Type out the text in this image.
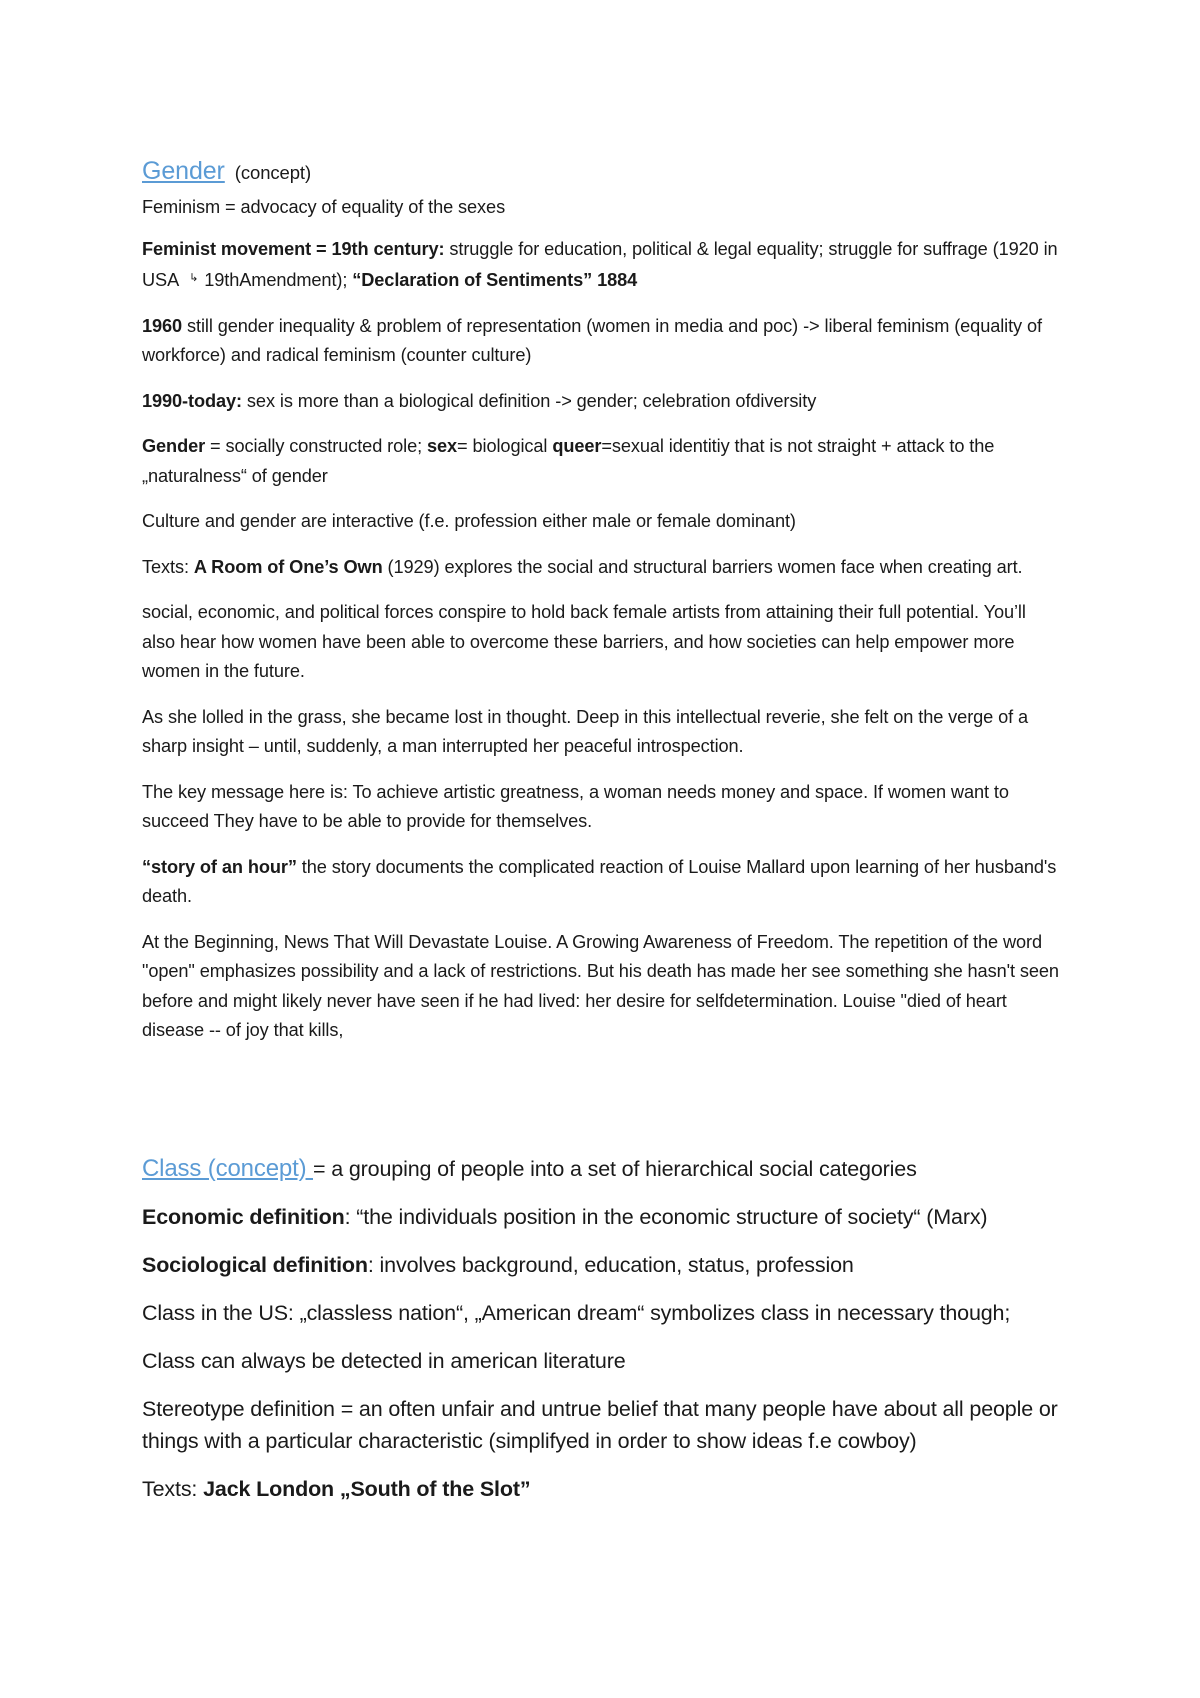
Gender (concept)

Feminism = advocacy of equality of the sexes

Feminist movement = 19th century: struggle for education, political & legal equality; struggle for suffrage (1920 in USA ↳ 19thAmendment); “Declaration of Sentiments” 1884

1960 still gender inequality & problem of representation (women in media and poc) -> liberal feminism (equality of workforce) and radical feminism (counter culture)

1990-today: sex is more than a biological definition -> gender; celebration ofdiversity

Gender = socially constructed role; sex= biological queer=sexual identitiy that is not straight + attack to the „naturalness“ of gender

Culture and gender are interactive (f.e. profession either male or female dominant)

Texts: A Room of One’s Own (1929) explores the social and structural barriers women face when creating art.

social, economic, and political forces conspire to hold back female artists from attaining their full potential. You’ll also hear how women have been able to overcome these barriers, and how societies can help empower more women in the future.

As she lolled in the grass, she became lost in thought. Deep in this intellectual reverie, she felt on the verge of a sharp insight – until, suddenly, a man interrupted her peaceful introspection.

The key message here is: To achieve artistic greatness, a woman needs money and space. If women want to succeed They have to be able to provide for themselves.

“story of an hour” the story documents the complicated reaction of Louise Mallard upon learning of her husband's death.

At the Beginning, News That Will Devastate Louise. A Growing Awareness of Freedom. The repetition of the word "open" emphasizes possibility and a lack of restrictions. But his death has made her see something she hasn't seen before and might likely never have seen if he had lived: her desire for selfdetermination. Louise "died of heart disease -- of joy that kills,

Class (concept) = a grouping of people into a set of hierarchical social categories

Economic definition: “the individuals position in the economic structure of society“ (Marx)

Sociological definition: involves background, education, status, profession

Class in the US: „classless nation“, „American dream“ symbolizes class in necessary though;

Class can always be detected in american literature

Stereotype definition = an often unfair and untrue belief that many people have about all people or things with a particular characteristic (simplifyed in order to show ideas f.e cowboy)

Texts: Jack London „South of the Slot”
